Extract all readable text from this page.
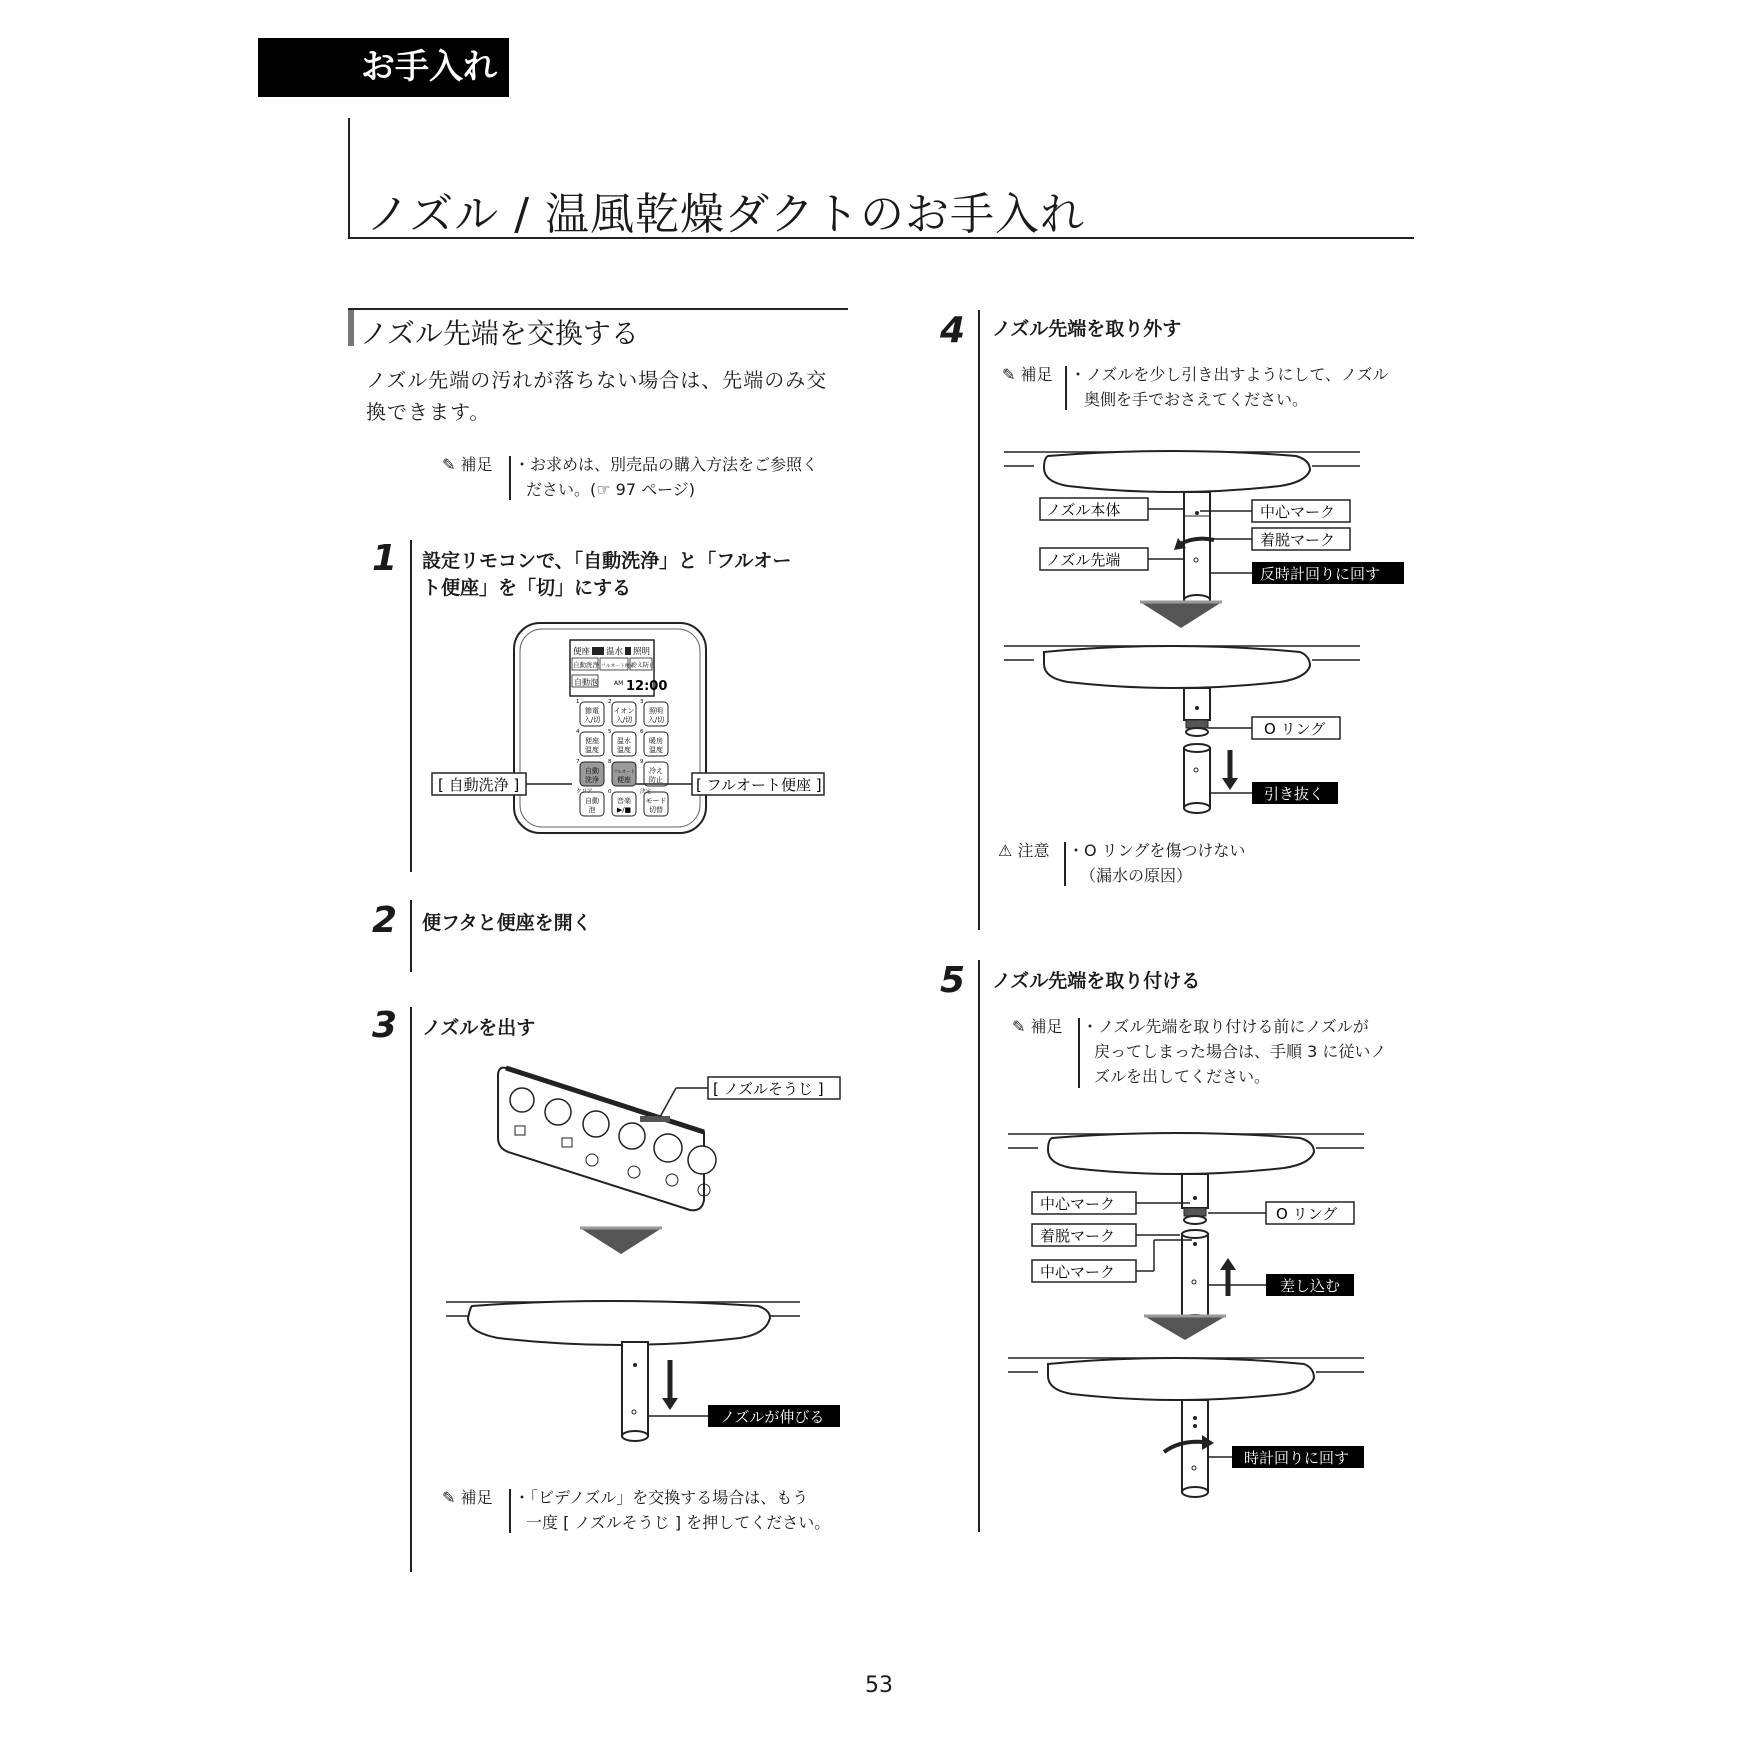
お手入れ
ノズル / 温風乾燥ダクトのお手入れ
ノズル先端を交換する
ノズル先端の汚れが落ちない場合は、先端のみ交
換できます。
✎ 補足 ・お求めは、別売品の購入方法をご参照く
ださい。(☞ 97 ページ)
1 設定リモコンで、「自動洗浄」と「フルオー
ト便座」を「切」にする
便座 温水 照明
自動洗浄 フルオート便座
冷え防止
自動泡	AM 12:00
1
節電
入/切
2
イオン
入/切
3
照明
入/切
4
便座
温度
5
温水
温度
6
暖房
温度
7
自動
洗浄
8
フルオート
便座
9
冷え
防止
クリア
自動
泡
0
音楽
▶/■
決定
モード
切替
[ 自動洗浄 ]	[ フルオート便座 ]
2 便フタと便座を開く
3 ノズルを出す
[ ノズルそうじ ]
ノズルが伸びる
✎ 補足 ・「ビデノズル」を交換する場合は、もう
一度 [ ノズルそうじ ] を押してください。
4 ノズル先端を取り外す
✎ 補足 ・ノズルを少し引き出すようにして、ノズル
奥側を手でおさえてください。
ノズル本体
ノズル先端
中心マーク
着脱マーク
反時計回りに回す
O リング
引き抜く
⚠ 注意 ・O リングを傷つけない
（漏水の原因）
5 ノズル先端を取り付ける
✎ 補足 ・ノズル先端を取り付ける前にノズルが
戻ってしまった場合は、手順 3 に従いノ
ズルを出してください。
中心マーク
着脱マーク
中心マーク
O リング
差し込む
時計回りに回す
53
